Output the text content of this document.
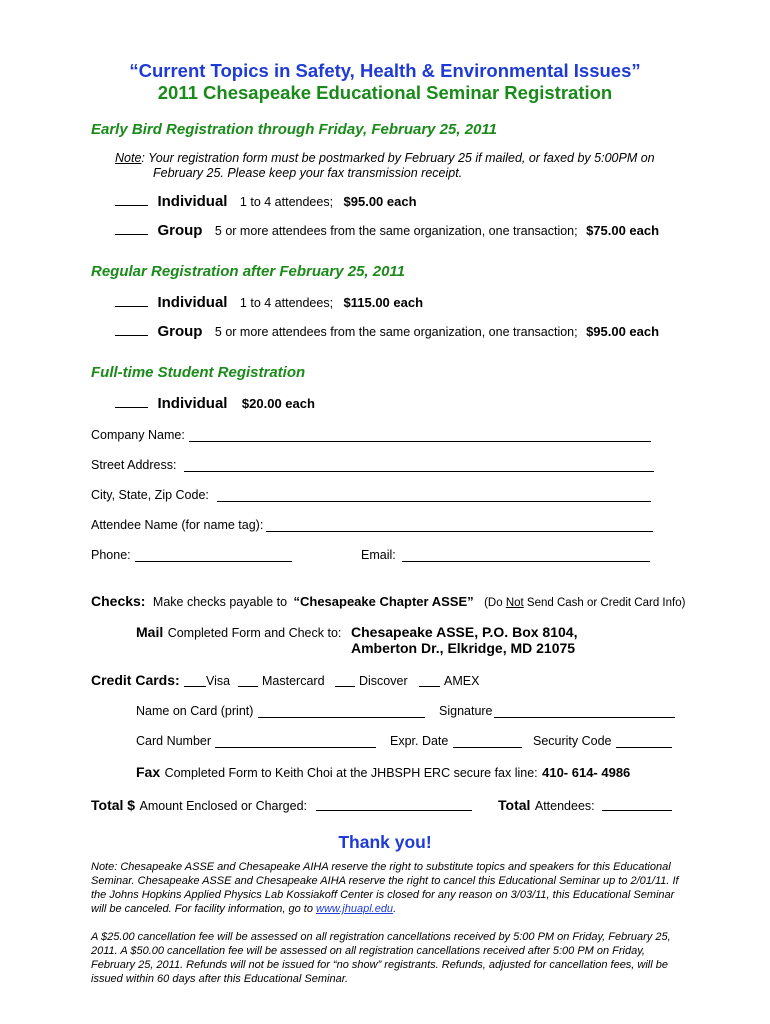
“Current Topics in Safety, Health & Environmental Issues”
2011 Chesapeake Educational Seminar Registration
Early Bird Registration through Friday, February 25, 2011
Note: Your registration form must be postmarked by February 25 if mailed, or faxed by 5:00PM on
February 25. Please keep your fax transmission receipt.
Individual 1 to 4 attendees; $95.00 each
Group 5 or more attendees from the same organization, one transaction; $75.00 each
Regular Registration after February 25, 2011
Individual 1 to 4 attendees; $115.00 each
Group 5 or more attendees from the same organization, one transaction; $95.00 each
Full-time Student Registration
Individual $20.00 each
Company Name:
Street Address:
City, State, Zip Code:
Attendee Name (for name tag):
Phone:	Email:
Checks: Make checks payable to “Chesapeake Chapter ASSE” (Do Not Send Cash or Credit Card Info)
Mail Completed Form and Check to: Chesapeake ASSE, P.O. Box 8104,
Amberton Dr., Elkridge, MD 21075
Credit Cards: Visa	Mastercard	Discover	AMEX
Name on Card (print)	Signature
Card Number	Expr. Date	Security Code
Fax Completed Form to Keith Choi at the JHBSPH ERC secure fax line: 410- 614- 4986
Total $ Amount Enclosed or Charged:	Total Attendees:
Thank you!
Note: Chesapeake ASSE and Chesapeake AIHA reserve the right to substitute topics and speakers for this Educational Seminar. Chesapeake ASSE and Chesapeake AIHA reserve the right to cancel this Educational Seminar up to 2/01/11. If the Johns Hopkins Applied Physics Lab Kossiakoff Center is closed for any reason on 3/03/11, this Educational Seminar will be canceled. For facility information, go to www.jhuapl.edu.
A $25.00 cancellation fee will be assessed on all registration cancellations received by 5:00 PM on Friday, February 25, 2011. A $50.00 cancellation fee will be assessed on all registration cancellations received after 5:00 PM on Friday, February 25, 2011. Refunds will not be issued for “no show” registrants. Refunds, adjusted for cancellation fees, will be issued within 60 days after this Educational Seminar.
